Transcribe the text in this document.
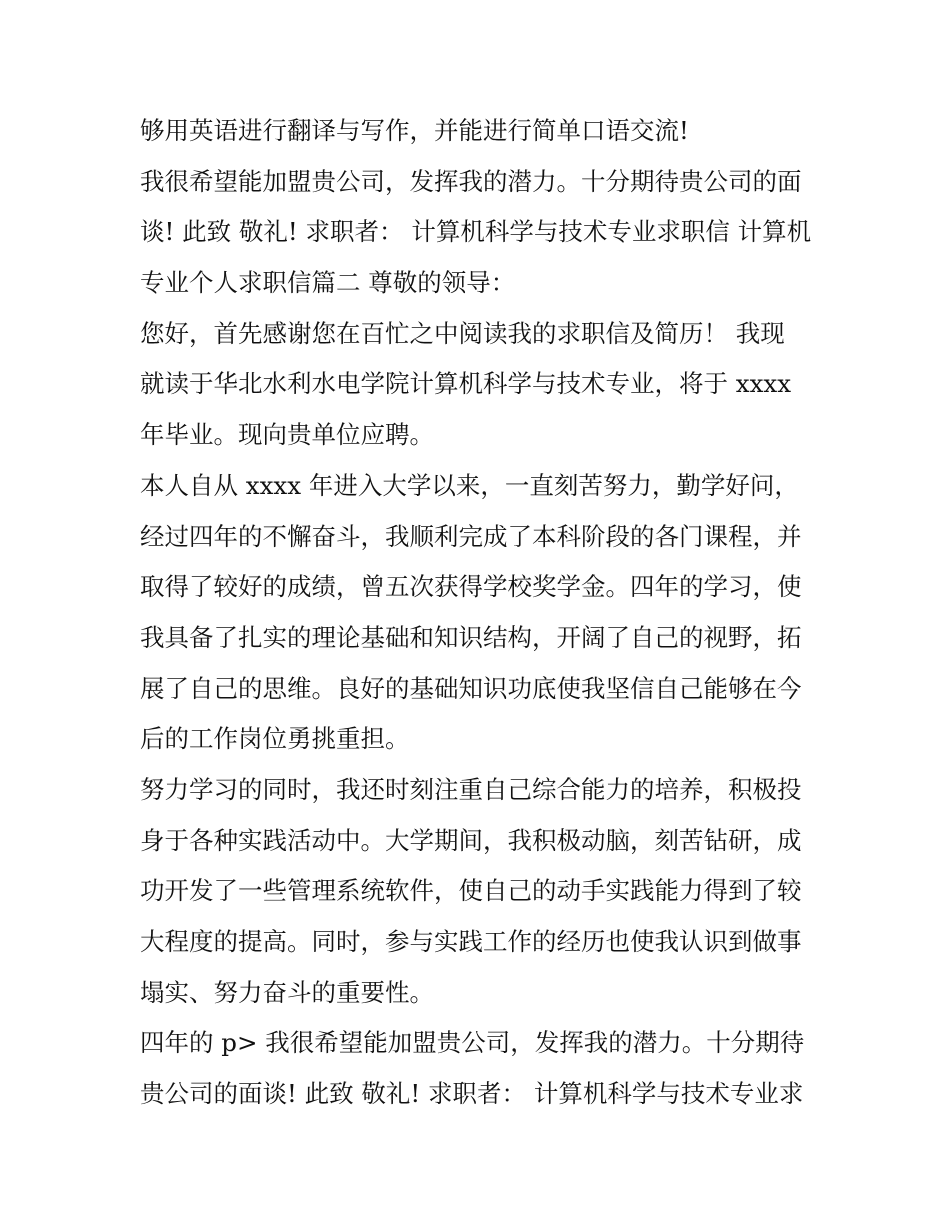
够用英语进行翻译与写作，并能进行简单口语交流!
我很希望能加盟贵公司，发挥我的潜力。十分期待贵公司的面
谈! 此致 敬礼! 求职者： 计算机科学与技术专业求职信 计算机
专业个人求职信篇二 尊敬的领导：
您好，首先感谢您在百忙之中阅读我的求职信及简历！ 我现
就读于华北水利水电学院计算机科学与技术专业，将于 xxxx
年毕业。现向贵单位应聘。
本人自从 xxxx 年进入大学以来，一直刻苦努力，勤学好问，
经过四年的不懈奋斗，我顺利完成了本科阶段的各门课程，并
取得了较好的成绩，曾五次获得学校奖学金。四年的学习，使
我具备了扎实的理论基础和知识结构，开阔了自己的视野，拓
展了自己的思维。良好的基础知识功底使我坚信自己能够在今
后的工作岗位勇挑重担。
努力学习的同时，我还时刻注重自己综合能力的培养，积极投
身于各种实践活动中。大学期间，我积极动脑，刻苦钻研，成
功开发了一些管理系统软件，使自己的动手实践能力得到了较
大程度的提高。同时，参与实践工作的经历也使我认识到做事
塌实、努力奋斗的重要性。
四年的 p> 我很希望能加盟贵公司，发挥我的潜力。十分期待
贵公司的面谈! 此致 敬礼! 求职者： 计算机科学与技术专业求
